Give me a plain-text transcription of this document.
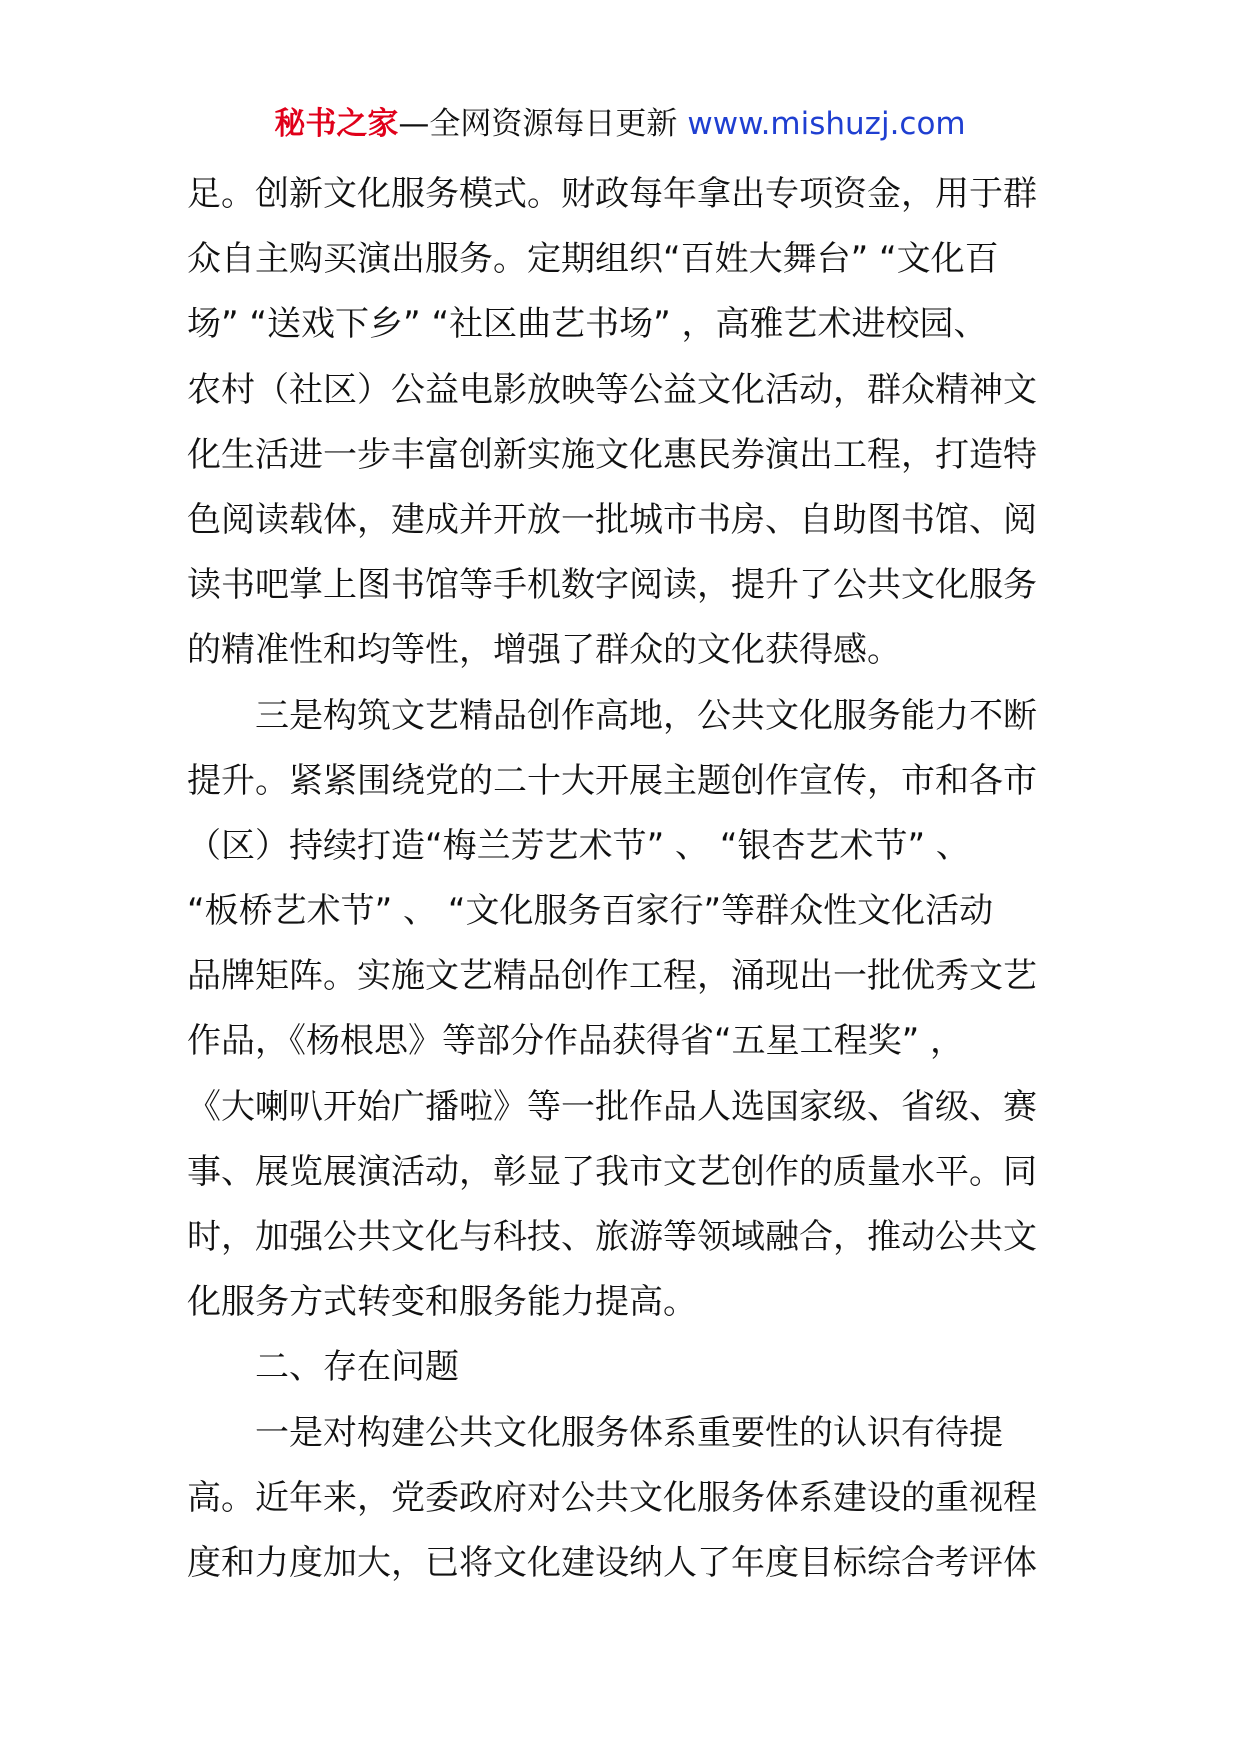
秘书之家—全网资源每日更新 www.mishuzj.com
足。创新文化服务模式。财政每年拿出专项资金，用于群
众自主购买演出服务。定期组织“百姓大舞台” “文化百
场” “送戏下乡” “社区曲艺书场” ，高雅艺术进校园、
农村（社区）公益电影放映等公益文化活动，群众精神文
化生活进一步丰富创新实施文化惠民券演出工程，打造特
色阅读载体，建成并开放一批城市书房、自助图书馆、阅
读书吧掌上图书馆等手机数字阅读，提升了公共文化服务
的精准性和均等性，增强了群众的文化获得感。
　　三是构筑文艺精品创作高地，公共文化服务能力不断
提升。紧紧围绕党的二十大开展主题创作宣传，市和各市
（区）持续打造“梅兰芳艺术节” 、 “银杏艺术节” 、
“板桥艺术节” 、 “文化服务百家行”等群众性文化活动
品牌矩阵。实施文艺精品创作工程，涌现出一批优秀文艺
作品，《杨根思》等部分作品获得省“五星工程奖” ，
《大喇叭开始广播啦》等一批作品人选国家级、省级、赛
事、展览展演活动，彰显了我市文艺创作的质量水平。同
时，加强公共文化与科技、旅游等领域融合，推动公共文
化服务方式转变和服务能力提高。
　　二、存在问题
　　一是对构建公共文化服务体系重要性的认识有待提
高。近年来，党委政府对公共文化服务体系建设的重视程
度和力度加大，已将文化建设纳人了年度目标综合考评体
